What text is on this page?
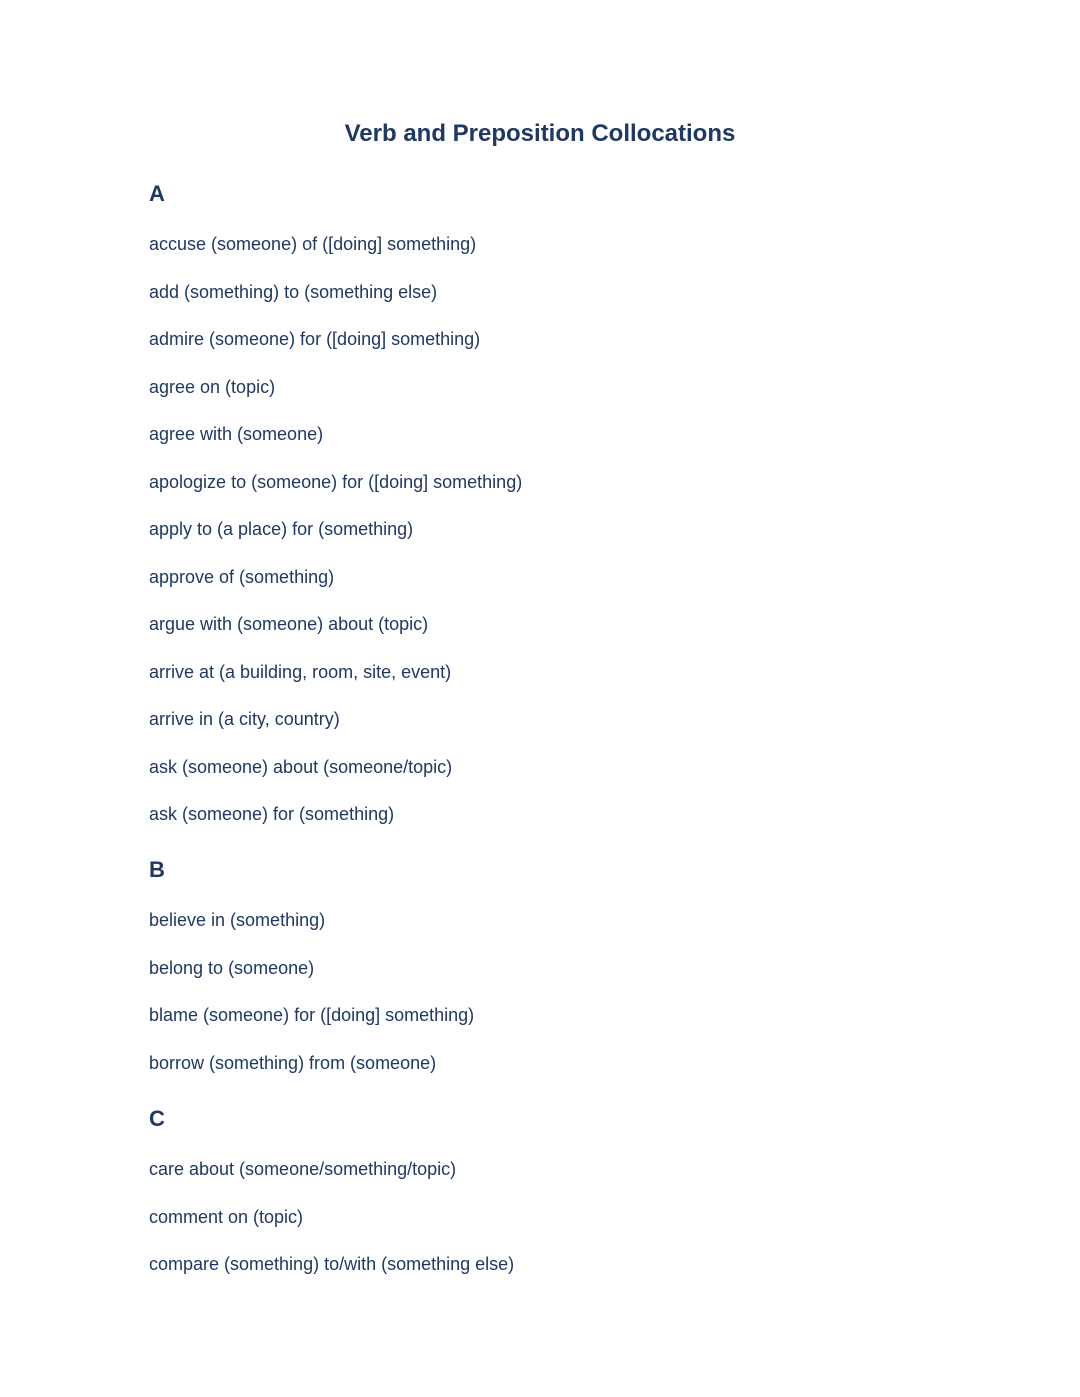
Verb and Preposition Collocations
A
accuse (someone) of ([doing] something)
add (something) to (something else)
admire (someone) for ([doing] something)
agree on (topic)
agree with (someone)
apologize to (someone) for ([doing] something)
apply to (a place) for (something)
approve of (something)
argue with (someone) about (topic)
arrive at (a building, room, site, event)
arrive in (a city, country)
ask (someone) about (someone/topic)
ask (someone) for (something)
B
believe in (something)
belong to (someone)
blame (someone) for ([doing] something)
borrow (something) from (someone)
C
care about (someone/something/topic)
comment on (topic)
compare (something) to/with (something else)
